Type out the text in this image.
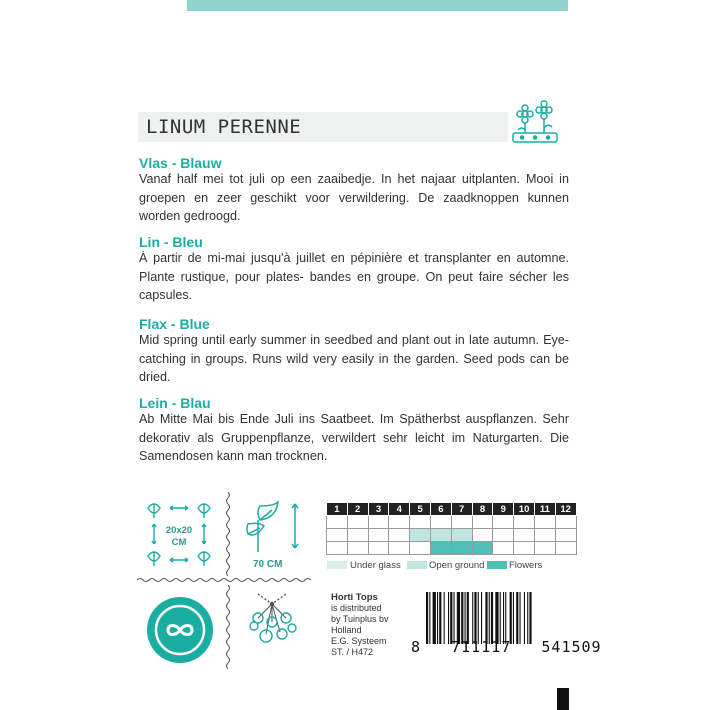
LINUM PERENNE
Vlas - Blauw
Vanaf half mei tot juli op een zaaibedje. In het najaar uitplanten. Mooi in groepen en zeer geschikt voor verwildering. De zaadknoppen kunnen worden gedroogd.
Lin - Bleu
À partir de mi-mai jusqu'à juillet en pépinière et transplanter en automne. Plante rustique, pour plates- bandes en groupe. On peut faire sécher les capsules.
Flax - Blue
Mid spring until early summer in seedbed and plant out in late autumn. Eye-catching in groups. Runs wild very easily in the garden. Seed pods can be dried.
Lein - Blau
Ab Mitte Mai bis Ende Juli ins Saatbeet. Im Spätherbst auspflanzen. Sehr dekorativ als Gruppenpflanze, verwildert sehr leicht im Naturgarten. Die Samendosen kann man trocknen.
20x20
CM
70 CM
1	2	3	4	5	6	7	8	9	10	11	12

Under glass	Open ground	Flowers
Horti Tops
is distributed
by Tuinplus bv
Holland
E.G. Systeem
ST. / H472	8   711117   541509
